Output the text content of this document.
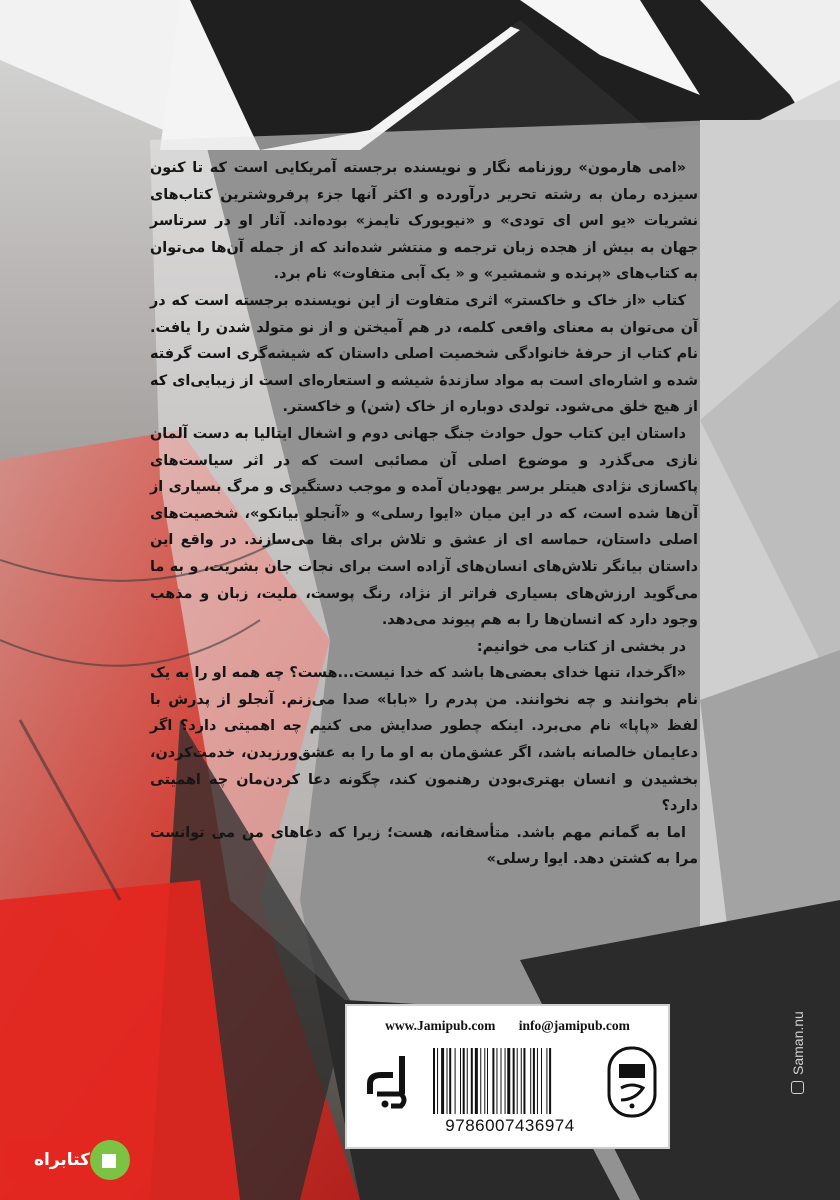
«امی هارمون» روزنامه نگار و نویسنده برجسته آمریکایی است که تا کنون سیزده رمان به رشته تحریر درآورده و اکثر آنها جزء پرفروشترین کتاب‌های نشریات «یو اس ای تودی» و «نیویورک تایمز» بوده‌اند. آثار او در سرتاسر جهان به بیش از هجده زبان ترجمه و منتشر شده‌اند که از جمله آن‌ها می‌توان به کتاب‌های «پرنده و شمشیر» و « یک آبی متفاوت» نام برد.

کتاب «از خاک و خاکستر» اثری متفاوت از این نویسنده برجسته است که در آن می‌توان به معنای واقعی کلمه، در هم آمیختن و از نو متولد شدن را یافت. نام کتاب از حرفهٔ خانوادگی شخصیت اصلی داستان که شیشه‌گری است گرفته شده و اشاره‌ای است به مواد سازندهٔ شیشه و استعاره‌ای است از زیبایی‌ای که از هیچ خلق می‌شود. تولدی دوباره از خاک (شن) و خاکستر.

داستان این کتاب حول حوادث جنگ جهانی دوم و اشغال ایتالیا به دست آلمان نازی می‌گذرد و موضوع اصلی آن مصائبی است که در اثر سیاست‌های پاکسازی نژادی هیتلر برسر یهودیان آمده و موجب دستگیری و مرگ بسیاری از آن‌ها شده است، که در این میان «ایوا رسلی» و «آنجلو بیانکو»، شخصیت‌های اصلی داستان، حماسه ای از عشق و تلاش برای بقا می‌سازند. در واقع این داستان بیانگر تلاش‌های انسان‌های آزاده است برای نجات جان بشریت، و به ما می‌گوید ارزش‌های بسیاری فراتر از نژاد، رنگ پوست، ملیت، زبان و مذهب وجود دارد که انسان‌ها را به هم پیوند می‌دهد.

در بخشی از کتاب می خوانیم:

«اگرخدا، تنها خدای بعضی‌ها باشد که خدا نیست...هست؟ چه همه او را به یک نام بخوانند و چه نخوانند. من پدرم را «بابا» صدا می‌زنم. آنجلو از پدرش با لفظ «پاپا» نام می‌برد. اینکه چطور صدایش می کنیم چه اهمیتی دارد؟ اگر دعایمان خالصانه باشد، اگر عشق‌مان به او ما را به عشق‌ورزیدن، خدمت‌کردن، بخشیدن و انسان بهتری‌بودن رهنمون کند، چگونه دعا کردن‌مان چه اهمیتی دارد؟

اما به گمانم مهم باشد. متأسفانه، هست؛ زیرا که دعاهای من می توانست مرا به کشتن دهد. ایوا رسلی»

www.Jamipub.com info@jamipub.com
9786007436974
Saman.nu
کتابراه
